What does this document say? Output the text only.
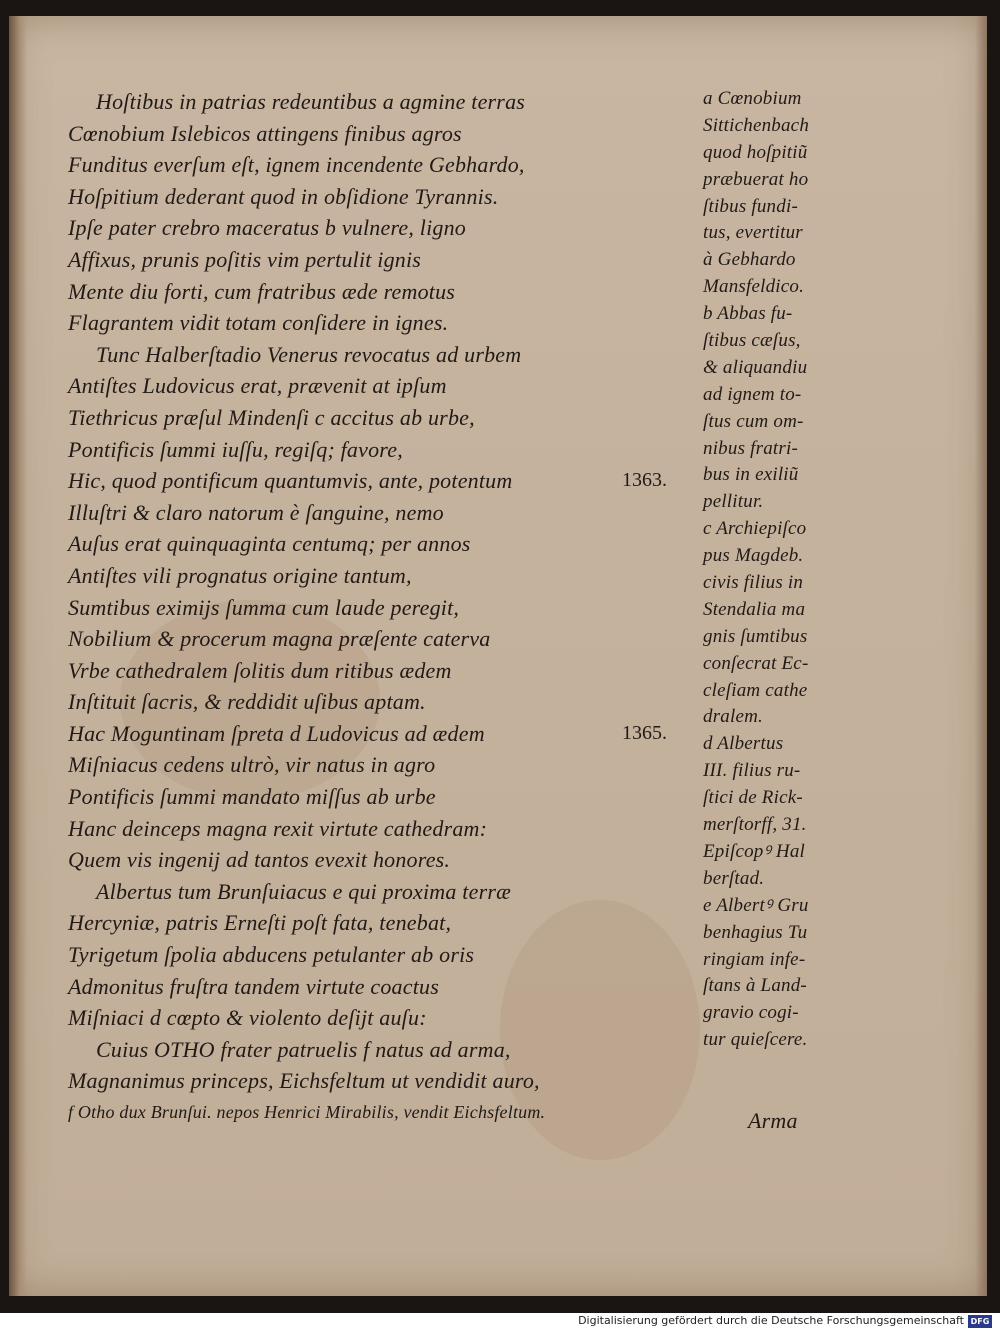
Hoſtibus in patrias redeuntibus a agmine terras
Cœnobium Islebicos attingens finibus agros
Funditus everſum eſt, ignem incendente Gebhardo,
Hoſpitium dederant quod in obſidione Tyrannis.
Ipſe pater crebro maceratus b vulnere, ligno
Affixus, prunis poſitis vim pertulit ignis
Mente diu forti, cum fratribus æde remotus
Flagrantem vidit totam conſidere in ignes.
Tunc Halberſtadio Venerus revocatus ad urbem
Antiſtes Ludovicus erat, prævenit at ipſum
Tiethricus præſul Mindenſi c accitus ab urbe,
Pontificis ſummi iuſſu, regiſq; favore,
Hic, quod pontificum quantumvis, ante, potentum
Illuſtri & claro natorum è ſanguine, nemo
Auſus erat quinquaginta centumq; per annos
Antiſtes vili prognatus origine tantum,
Sumtibus eximijs ſumma cum laude peregit,
Nobilium & procerum magna præſente caterva
Vrbe cathedralem ſolitis dum ritibus ædem
Inſtituit ſacris, & reddidit uſibus aptam.
Hac Moguntinam ſpreta d Ludovicus ad ædem
Miſniacus cedens ultrò, vir natus in agro
Pontificis ſummi mandato miſſus ab urbe
Hanc deinceps magna rexit virtute cathedram:
Quem vis ingenij ad tantos evexit honores.
Albertus tum Brunſuiacus e qui proxima terræ
Hercyniæ, patris Erneſti poſt fata, tenebat,
Tyrigetum ſpolia abducens petulanter ab oris
Admonitus fruſtra tandem virtute coactus
Miſniaci d cœpto & violento deſijt auſu:
Cuius OTHO frater patruelis f natus ad arma,
Magnanimus princeps, Eichsfeltum ut vendidit auro,
f Otho dux Brunſui. nepos Henrici Mirabilis, vendit Eichsfeltum.
1363.
1365.
a Cœnobium
Sittichenbach
quod hoſpitiũ
præbuerat ho
ſtibus fundi-
tus, evertitur
à Gebhardo
Mansfeldico.
b Abbas fu-
ſtibus cæſus,
& aliquandiu
ad ignem to-
ſtus cum om-
nibus fratri-
bus in exiliũ
pellitur.
c Archiepiſco
pus Magdeb.
civis filius in
Stendalia ma
gnis ſumtibus
conſecrat Ec-
cleſiam cathe
dralem.
d Albertus
III. filius ru-
ſtici de Rick-
merſtorff, 31.
Epiſcopꝰ Hal
berſtad.
e Albertꝰ Gru
benhagius Tu
ringiam infe-
ſtans à Land-
gravio cogi-
tur quieſcere.
Arma
Digitalisierung gefördert durch die Deutsche Forschungsgemeinschaft DFG
